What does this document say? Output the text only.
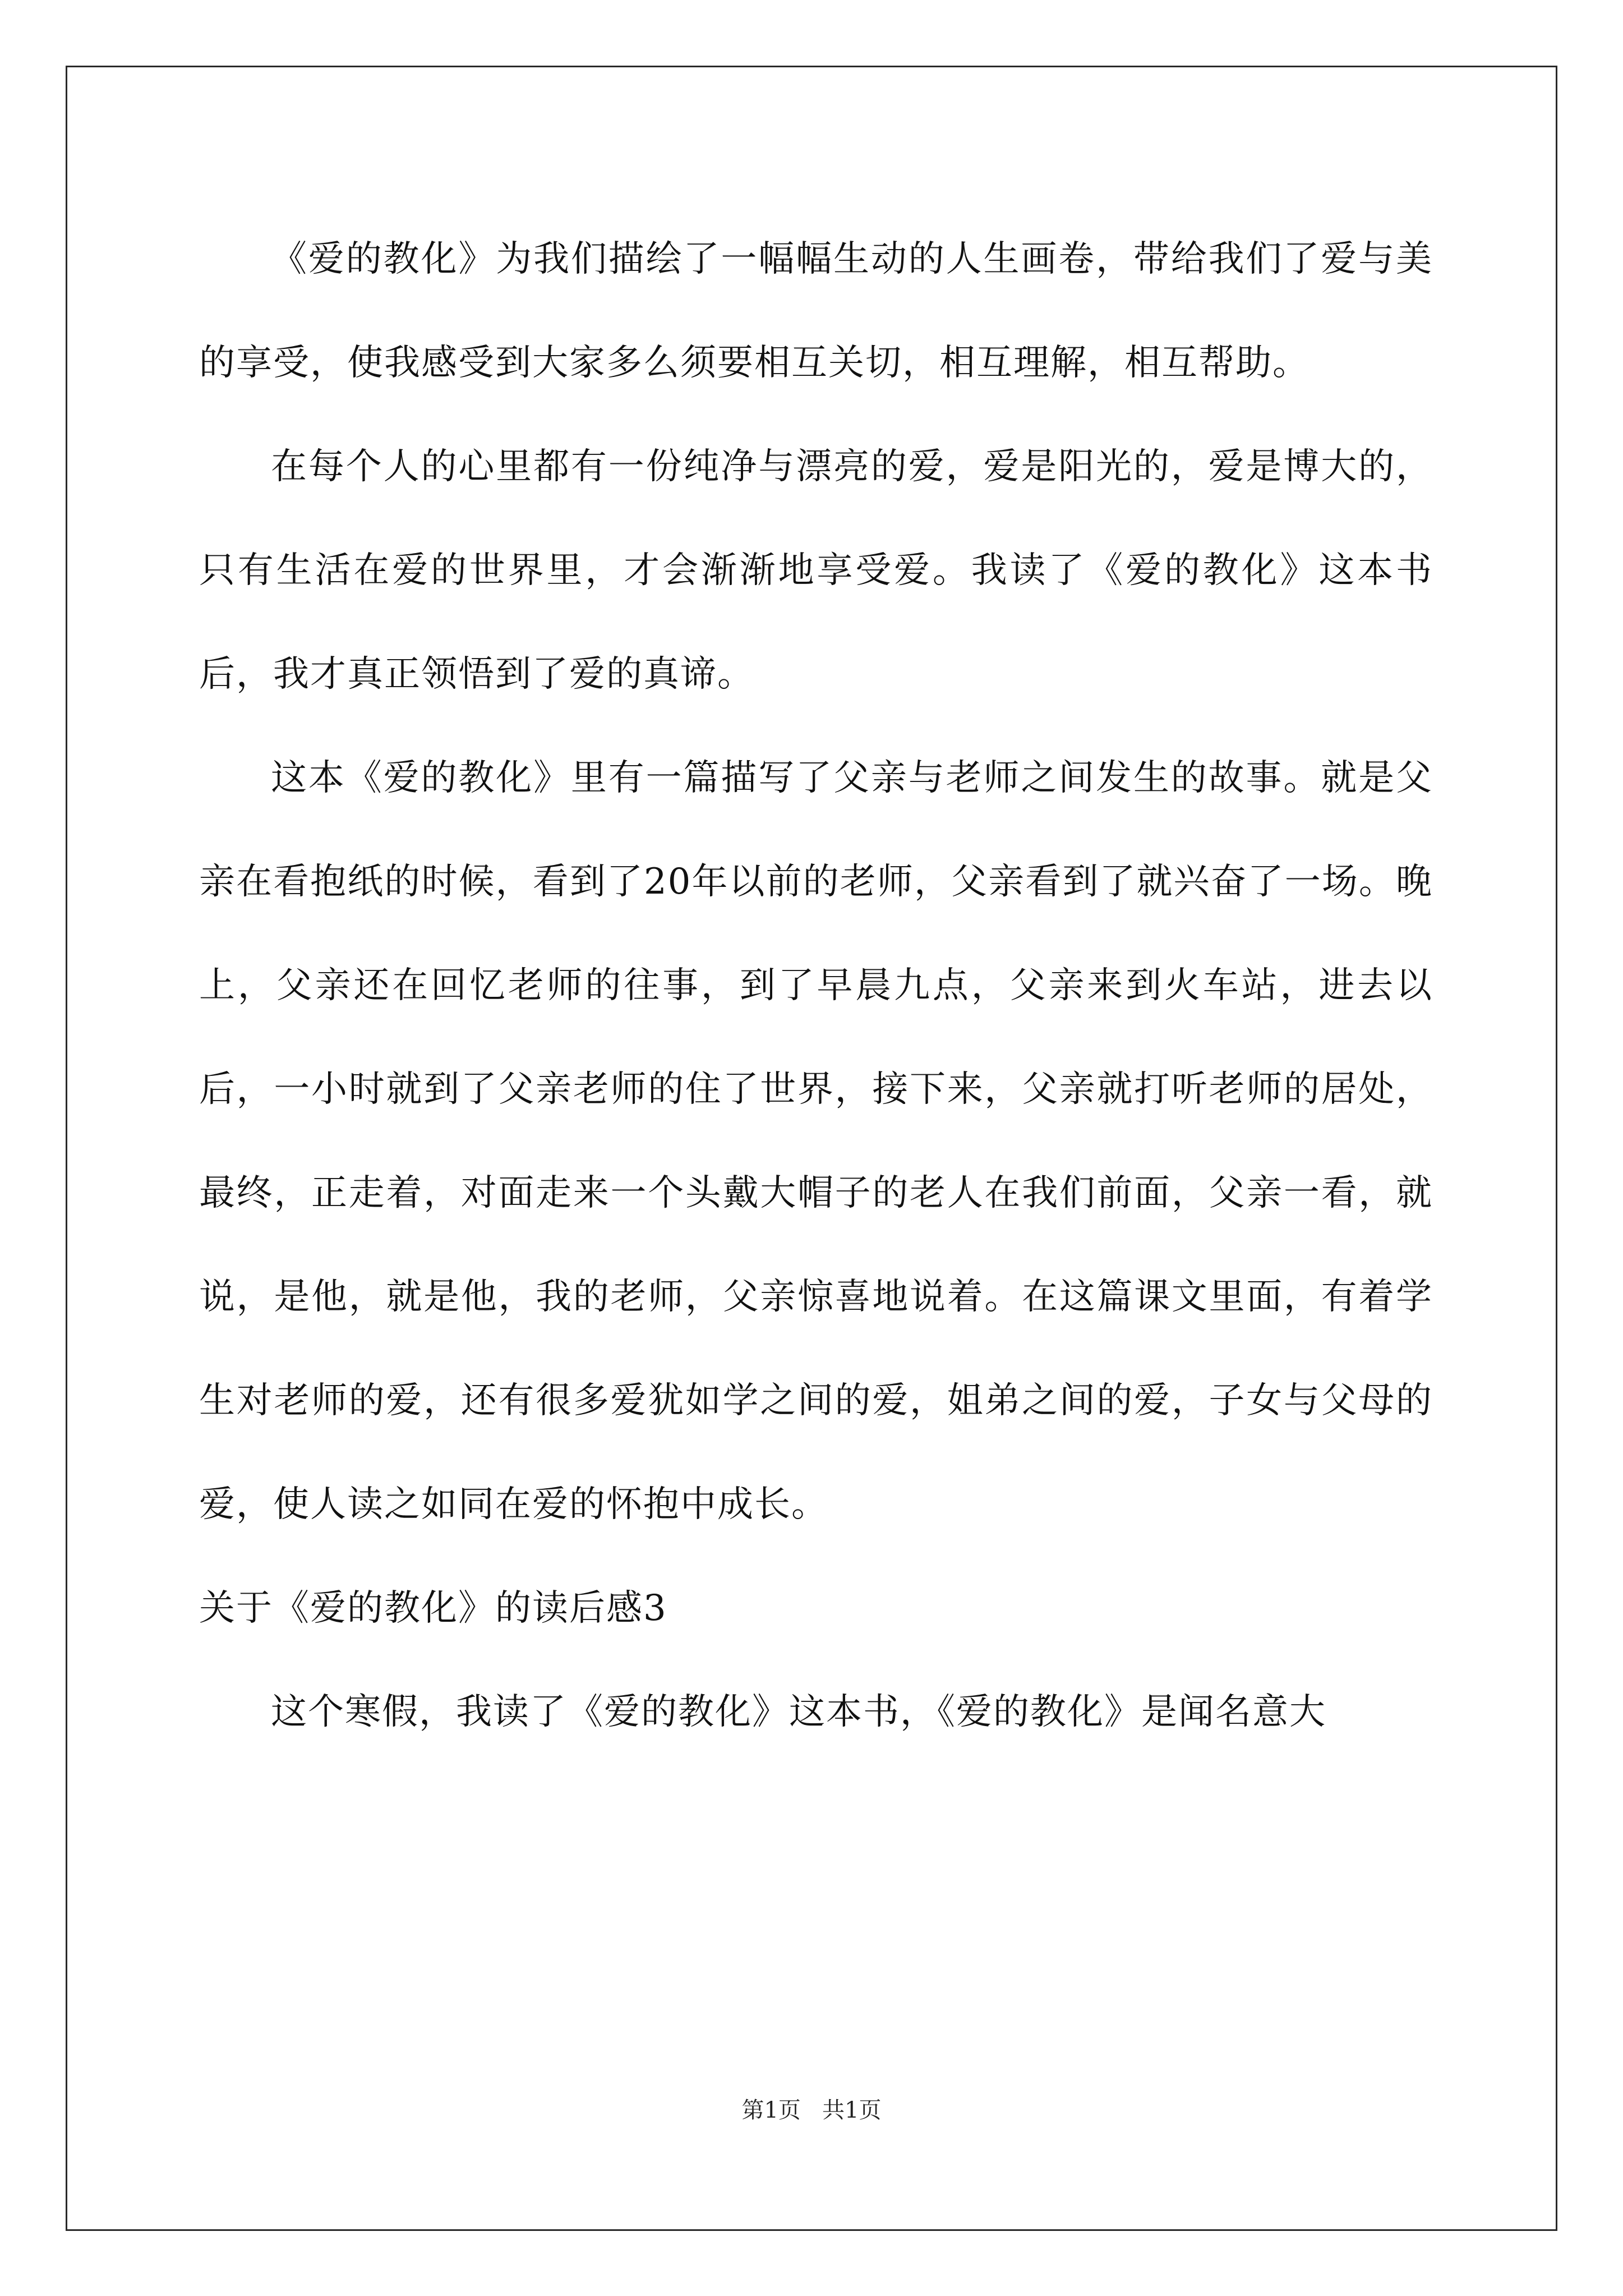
《爱的教化》为我们描绘了一幅幅生动的人生画卷，带给我们了爱与美的享受，使我感受到大家多么须要相互关切，相互理解，相互帮助。

在每个人的心里都有一份纯净与漂亮的爱，爱是阳光的，爱是博大的，只有生活在爱的世界里，才会渐渐地享受爱。我读了《爱的教化》这本书后，我才真正领悟到了爱的真谛。

这本《爱的教化》里有一篇描写了父亲与老师之间发生的故事。就是父亲在看抱纸的时候，看到了20年以前的老师，父亲看到了就兴奋了一场。晚上，父亲还在回忆老师的往事，到了早晨九点，父亲来到火车站，进去以后，一小时就到了父亲老师的住了世界，接下来，父亲就打听老师的居处，最终，正走着，对面走来一个头戴大帽子的老人在我们前面，父亲一看，就说，是他，就是他，我的老师，父亲惊喜地说着。在这篇课文里面，有着学生对老师的爱，还有很多爱犹如学之间的爱，姐弟之间的爱，子女与父母的爱，使人读之如同在爱的怀抱中成长。

关于《爱的教化》的读后感3

这个寒假，我读了《爱的教化》这本书，《爱的教化》是闻名意大

第1页   共1页
